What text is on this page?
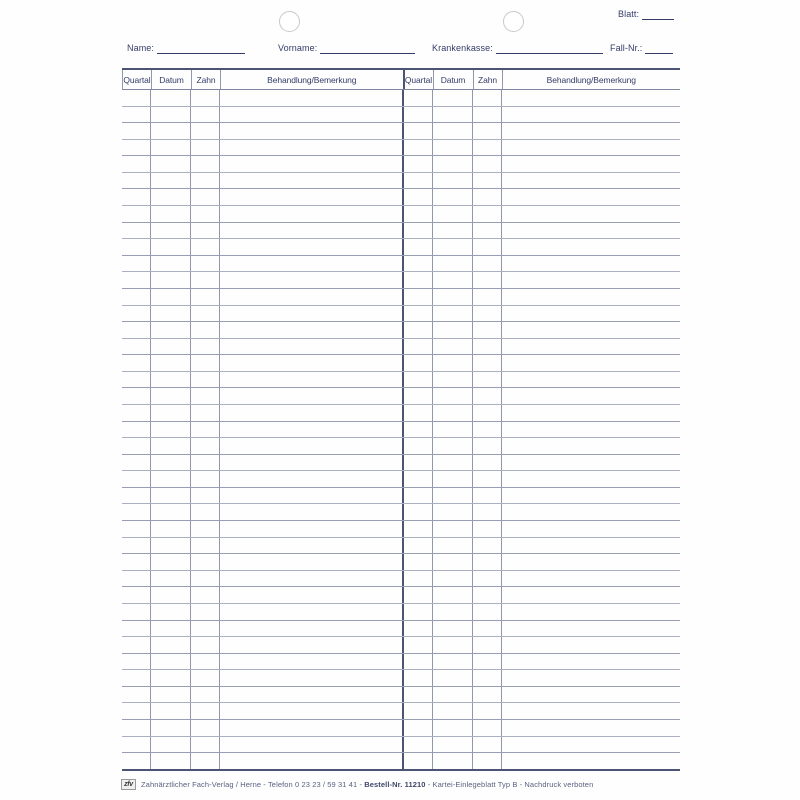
Blatt:
Name:	Vorname:	Krankenkasse:	Fall-Nr.:
Quartal	Datum	Zahn	Behandlung/Bemerkung	Quartal	Datum	Zahn	Behandlung/Bemerkung
zfv	Zahnärztlicher Fach-Verlag / Herne - Telefon 0 23 23 / 59 31 41 - Bestell-Nr. 11210 - Kartei-Einlegeblatt Typ B - Nachdruck verboten
